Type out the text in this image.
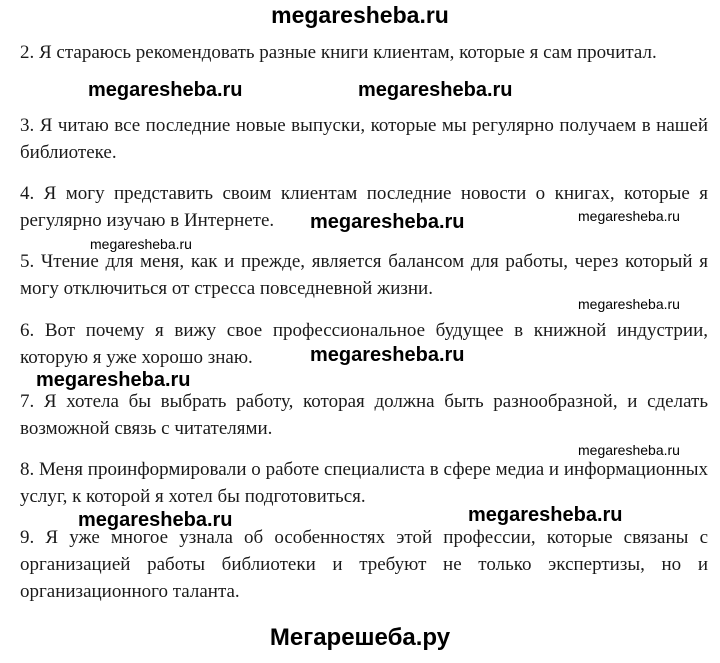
megaresheba.ru
2. Я стараюсь рекомендовать разные книги клиентам, которые я сам прочитал.
3. Я читаю все последние новые выпуски, которые мы регулярно получаем в нашей библиотеке.
4. Я могу представить своим клиентам последние новости о книгах, которые я регулярно изучаю в Интернете.
5. Чтение для меня, как и прежде, является балансом для работы, через который я могу отключиться от стресса повседневной жизни.
6. Вот почему я вижу свое профессиональное будущее в книжной индустрии, которую я уже хорошо знаю.
7. Я хотела бы выбрать работу, которая должна быть разнообразной, и сделать возможной связь с читателями.
8. Меня проинформировали о работе специалиста в сфере медиа и информационных услуг, к которой я хотел бы подготовиться.
9. Я уже многое узнала об особенностях этой профессии, которые связаны с организацией работы библиотеки и требуют не только экспертизы, но и организационного таланта.
megaresheba.ru	megaresheba.ru
megaresheba.ru	megaresheba.ru
megaresheba.ru
megaresheba.ru
megaresheba.ru
megaresheba.ru
megaresheba.ru
megaresheba.ru	megaresheba.ru
Мегарешеба.ру
